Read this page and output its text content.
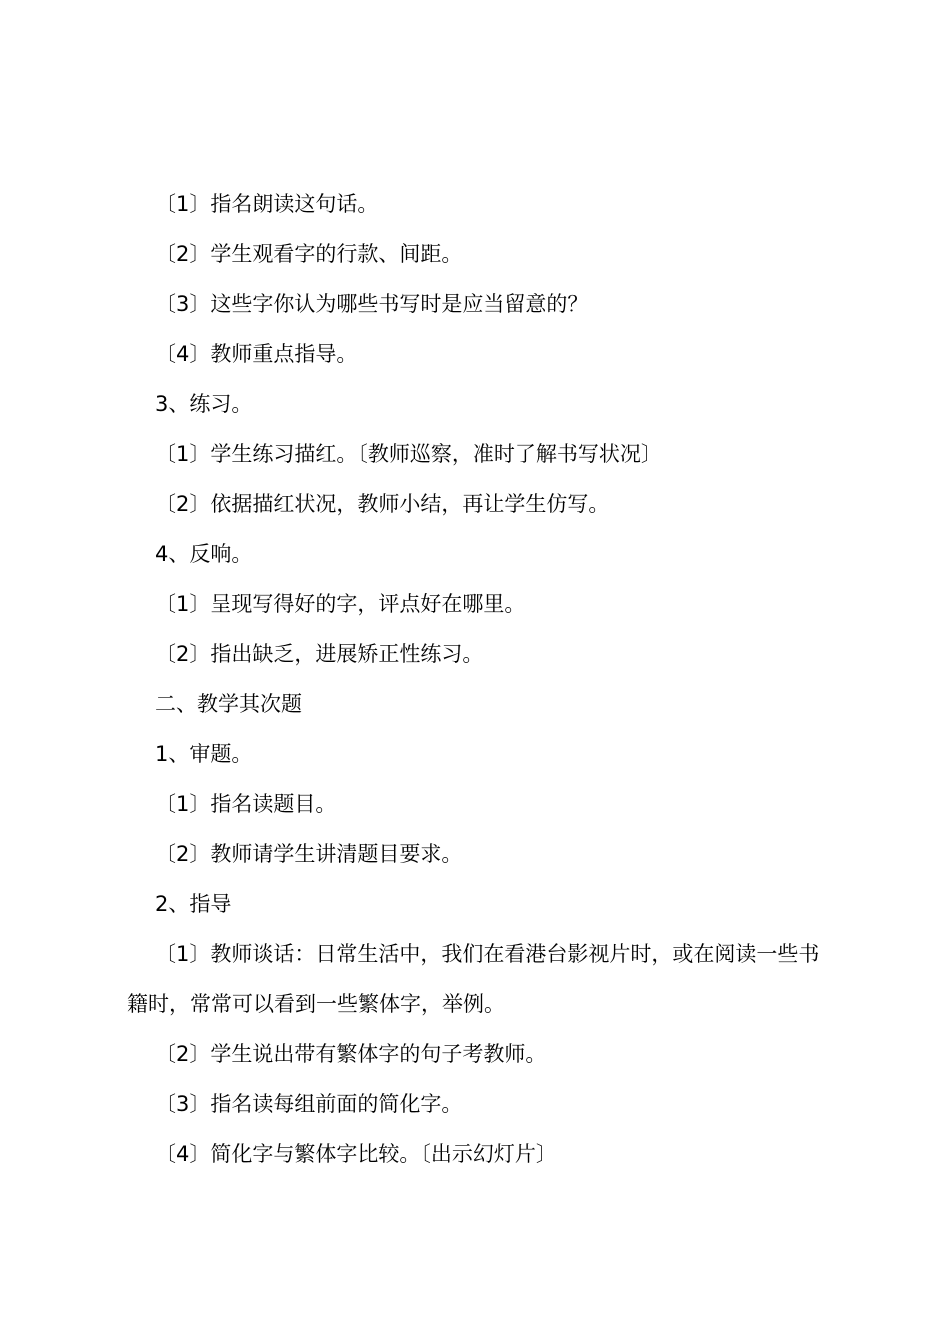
〔1〕指名朗读这句话。
〔2〕学生观看字的行款、间距。
〔3〕这些字你认为哪些书写时是应当留意的？
〔4〕教师重点指导。
3、练习。
〔1〕学生练习描红。〔教师巡察，准时了解书写状况〕
〔2〕依据描红状况，教师小结，再让学生仿写。
4、反响。
〔1〕呈现写得好的字，评点好在哪里。
〔2〕指出缺乏，进展矫正性练习。
二、教学其次题
1、审题。
〔1〕指名读题目。
〔2〕教师请学生讲清题目要求。
2、指导
〔1〕教师谈话：日常生活中，我们在看港台影视片时，或在阅读一些书籍时，常常可以看到一些繁体字，举例。
〔2〕学生说出带有繁体字的句子考教师。
〔3〕指名读每组前面的简化字。
〔4〕简化字与繁体字比较。〔出示幻灯片〕
